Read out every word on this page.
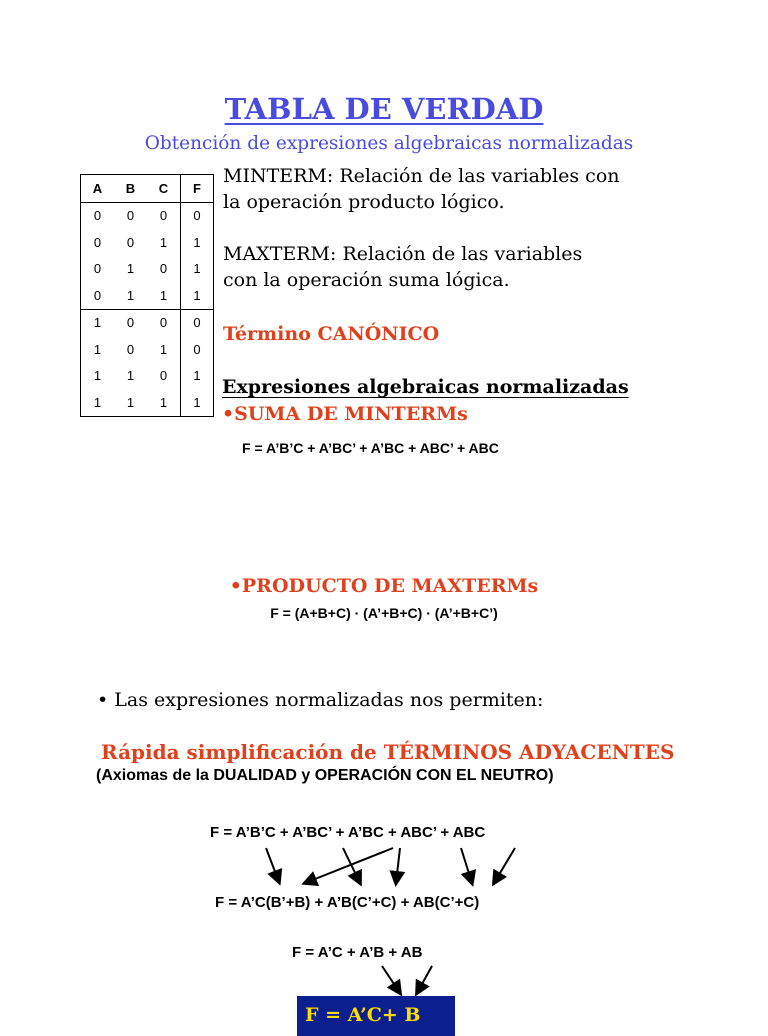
TABLA DE VERDAD
Obtención de expresiones algebraicas normalizadas
A	B	C	F
0	0	0	0
0	0	1	1
0	1	0	1
0	1	1	1
1	0	0	0
1	0	1	0
1	1	0	1
1	1	1	1
MINTERM: Relación de las variables con
la operación producto lógico.
MAXTERM: Relación de las variables
con la operación suma lógica.
Término CANÓNICO
Expresiones algebraicas normalizadas
•SUMA DE MINTERMs
F = A’B’C + A’BC’ + A’BC + ABC’ + ABC
•PRODUCTO DE MAXTERMs
F = (A+B+C) · (A’+B+C) · (A’+B+C’)
• Las expresiones normalizadas nos permiten:
Rápida simplificación de TÉRMINOS ADYACENTES
(Axiomas de la DUALIDAD y OPERACIÓN CON EL NEUTRO)
F = A’B’C + A’BC’ + A’BC + ABC’ + ABC
F = A’C(B’+B) + A’B(C’+C) + AB(C’+C)
F = A’C + A’B + AB
F = A’C+ B
